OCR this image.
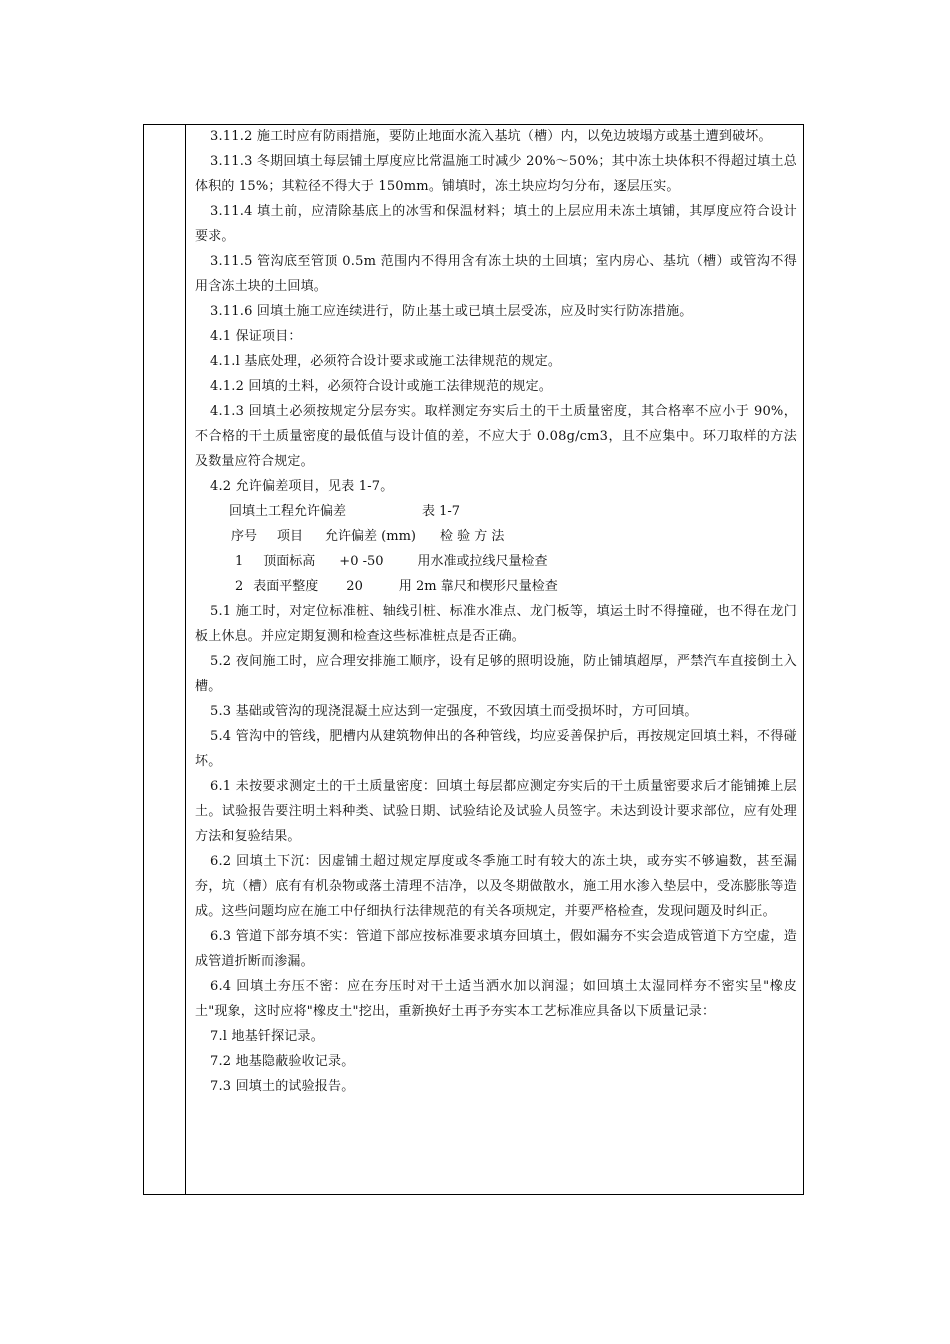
3.11.2 施工时应有防雨措施，要防止地面水流入基坑（槽）内，以免边坡塌方或基土遭到破坏。

3.11.3 冬期回填土每层铺土厚度应比常温施工时减少 20%～50%；其中冻土块体积不得超过填土总体积的 15%；其粒径不得大于 150mm。铺填时，冻土块应均匀分布，逐层压实。

3.11.4 填土前，应清除基底上的冰雪和保温材料；填土的上层应用未冻土填铺，其厚度应符合设计要求。

3.11.5 管沟底至管顶 0.5m 范围内不得用含有冻土块的土回填；室内房心、基坑（槽）或管沟不得用含冻土块的土回填。

3.11.6 回填土施工应连续进行，防止基土或已填土层受冻，应及时实行防冻措施。

4.1 保证项目：

4.1.l 基底处理，必须符合设计要求或施工法律规范的规定。

4.1.2 回填的土料，必须符合设计或施工法律规范的规定。

4.1.3 回填土必须按规定分层夯实。取样测定夯实后土的干土质量密度，其合格率不应小于 90%，不合格的干土质量密度的最低值与设计值的差，不应大于 0.08g/cm3，且不应集中。环刀取样的方法及数量应符合规定。

4.2 允许偏差项目，见表 1-7。

回填土工程允许偏差	表 1-7
序号 项目 允许偏差 (mm) 检 验 方 法
1 顶面标高 +0 -50	用水准或拉线尺量检查
2 表面平整度 20	用 2m 靠尺和楔形尺量检查

5.1 施工时，对定位标准桩、轴线引桩、标准水准点、龙门板等，填运土时不得撞碰，也不得在龙门板上休息。并应定期复测和检查这些标准桩点是否正确。

5.2 夜间施工时，应合理安排施工顺序，设有足够的照明设施，防止铺填超厚，严禁汽车直接倒土入槽。

5.3 基础或管沟的现浇混凝土应达到一定强度，不致因填土而受损坏时，方可回填。

5.4 管沟中的管线，肥槽内从建筑物伸出的各种管线，均应妥善保护后，再按规定回填土料，不得碰坏。

6.1 未按要求测定土的干土质量密度：回填土每层都应测定夯实后的干土质量密要求后才能铺摊上层土。试验报告要注明土料种类、试验日期、试验结论及试验人员签字。未达到设计要求部位，应有处理方法和复验结果。

6.2 回填土下沉：因虚铺土超过规定厚度或冬季施工时有较大的冻土块，或夯实不够遍数，甚至漏夯，坑（槽）底有有机杂物或落土清理不洁净，以及冬期做散水，施工用水渗入垫层中，受冻膨胀等造成。这些问题均应在施工中仔细执行法律规范的有关各项规定，并要严格检查，发现问题及时纠正。

6.3 管道下部夯填不实：管道下部应按标准要求填夯回填土，假如漏夯不实会造成管道下方空虚，造成管道折断而渗漏。

6.4 回填土夯压不密：应在夯压时对干土适当洒水加以润湿；如回填土太湿同样夯不密实呈"橡皮土"现象，这时应将"橡皮土"挖出，重新换好土再予夯实本工艺标准应具备以下质量记录：

7.l 地基钎探记录。

7.2 地基隐蔽验收记录。

7.3 回填土的试验报告。
